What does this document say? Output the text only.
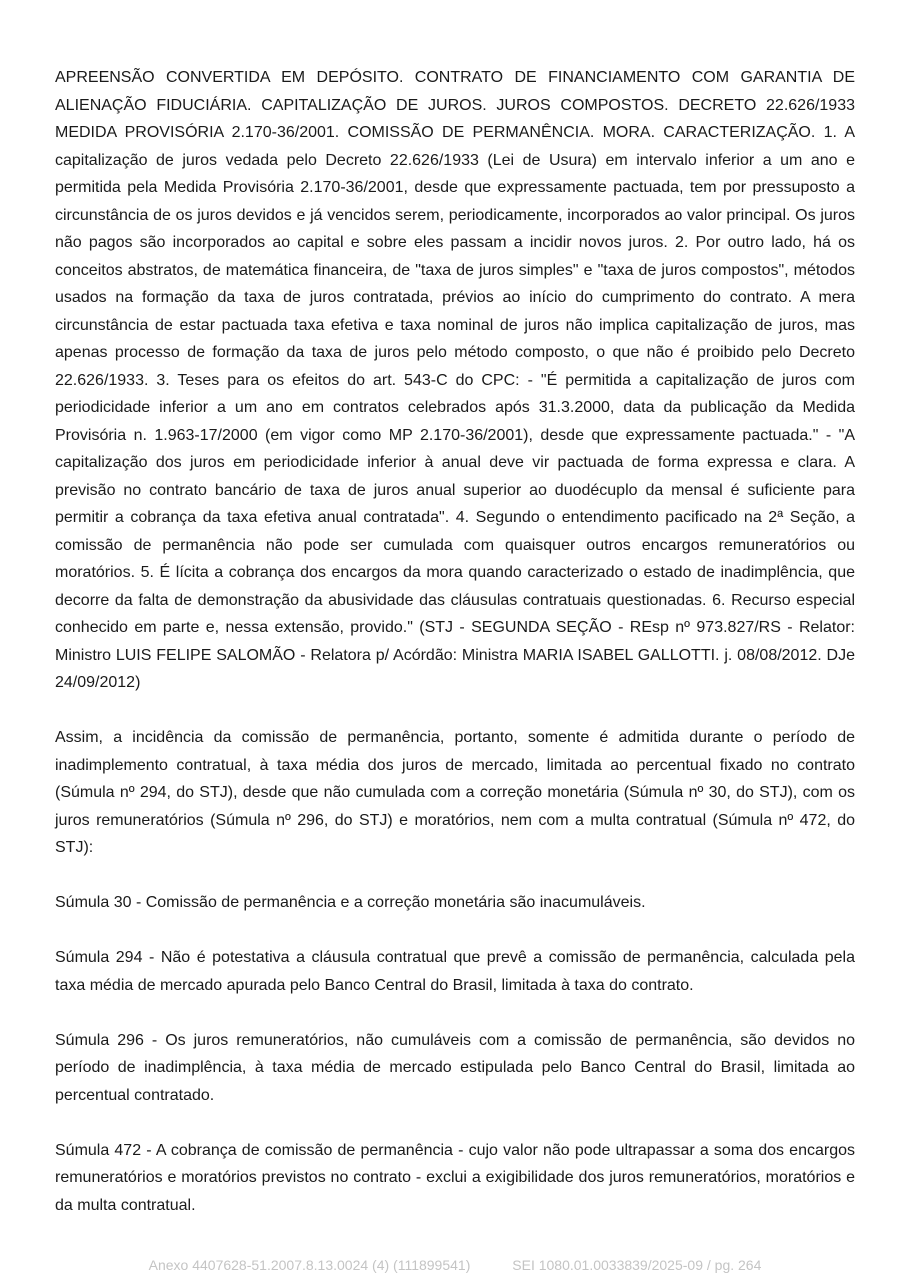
APREENSÃO CONVERTIDA EM DEPÓSITO. CONTRATO DE FINANCIAMENTO COM GARANTIA DE ALIENAÇÃO FIDUCIÁRIA. CAPITALIZAÇÃO DE JUROS. JUROS COMPOSTOS. DECRETO 22.626/1933 MEDIDA PROVISÓRIA 2.170-36/2001. COMISSÃO DE PERMANÊNCIA. MORA. CARACTERIZAÇÃO. 1. A capitalização de juros vedada pelo Decreto 22.626/1933 (Lei de Usura) em intervalo inferior a um ano e permitida pela Medida Provisória 2.170-36/2001, desde que expressamente pactuada, tem por pressuposto a circunstância de os juros devidos e já vencidos serem, periodicamente, incorporados ao valor principal. Os juros não pagos são incorporados ao capital e sobre eles passam a incidir novos juros. 2. Por outro lado, há os conceitos abstratos, de matemática financeira, de "taxa de juros simples" e "taxa de juros compostos", métodos usados na formação da taxa de juros contratada, prévios ao início do cumprimento do contrato. A mera circunstância de estar pactuada taxa efetiva e taxa nominal de juros não implica capitalização de juros, mas apenas processo de formação da taxa de juros pelo método composto, o que não é proibido pelo Decreto 22.626/1933. 3. Teses para os efeitos do art. 543-C do CPC: - "É permitida a capitalização de juros com periodicidade inferior a um ano em contratos celebrados após 31.3.2000, data da publicação da Medida Provisória n. 1.963-17/2000 (em vigor como MP 2.170-36/2001), desde que expressamente pactuada." - "A capitalização dos juros em periodicidade inferior à anual deve vir pactuada de forma expressa e clara. A previsão no contrato bancário de taxa de juros anual superior ao duodécuplo da mensal é suficiente para permitir a cobrança da taxa efetiva anual contratada". 4. Segundo o entendimento pacificado na 2ª Seção, a comissão de permanência não pode ser cumulada com quaisquer outros encargos remuneratórios ou moratórios. 5. É lícita a cobrança dos encargos da mora quando caracterizado o estado de inadimplência, que decorre da falta de demonstração da abusividade das cláusulas contratuais questionadas. 6. Recurso especial conhecido em parte e, nessa extensão, provido." (STJ - SEGUNDA SEÇÃO - REsp nº 973.827/RS - Relator: Ministro LUIS FELIPE SALOMÃO - Relatora p/ Acórdão: Ministra MARIA ISABEL GALLOTTI. j. 08/08/2012. DJe 24/09/2012)

Assim, a incidência da comissão de permanência, portanto, somente é admitida durante o período de inadimplemento contratual, à taxa média dos juros de mercado, limitada ao percentual fixado no contrato (Súmula nº 294, do STJ), desde que não cumulada com a correção monetária (Súmula nº 30, do STJ), com os juros remuneratórios (Súmula nº 296, do STJ) e moratórios, nem com a multa contratual (Súmula nº 472, do STJ):

Súmula 30 - Comissão de permanência e a correção monetária são inacumuláveis.

Súmula 294 - Não é potestativa a cláusula contratual que prevê a comissão de permanência, calculada pela taxa média de mercado apurada pelo Banco Central do Brasil, limitada à taxa do contrato.

Súmula 296 - Os juros remuneratórios, não cumuláveis com a comissão de permanência, são devidos no período de inadimplência, à taxa média de mercado estipulada pelo Banco Central do Brasil, limitada ao percentual contratado.

Súmula 472 - A cobrança de comissão de permanência - cujo valor não pode ultrapassar a soma dos encargos remuneratórios e moratórios previstos no contrato - exclui a exigibilidade dos juros remuneratórios, moratórios e da multa contratual.

Anexo 4407628-51.2007.8.13.0024 (4) (111899541)	SEI 1080.01.0033839/2025-09 / pg. 264
